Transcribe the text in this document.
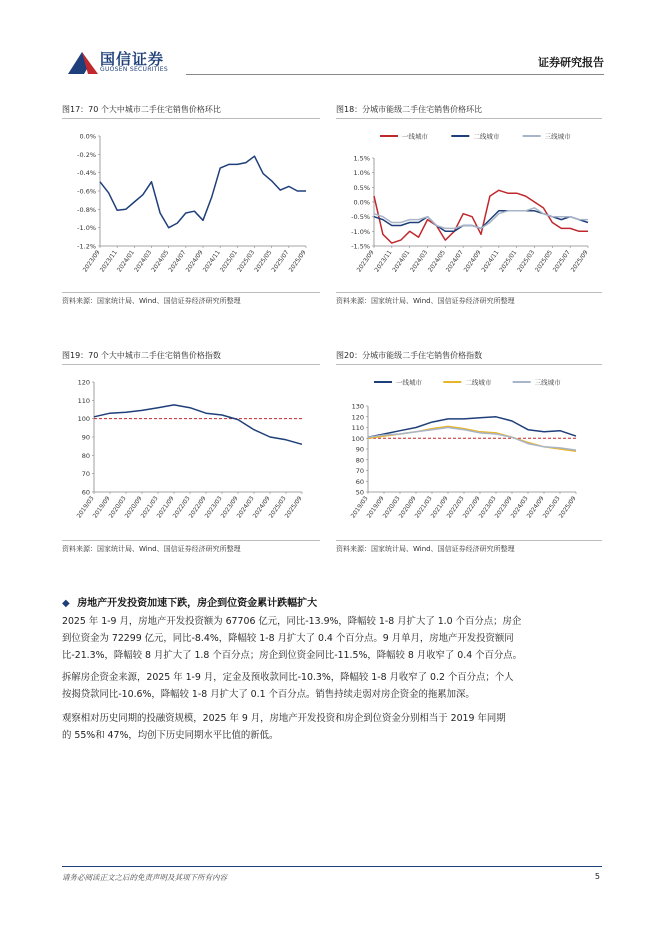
国信证券
GUOSEN SECURITIES
证券研究报告
图17：70 个大中城市二手住宅销售价格环比
0.0%
-0.2%
-0.4%
-0.6%
-0.8%
-1.0%
-1.2%
2023/09
2023/11
2024/01
2024/03
2024/05
2024/07
2024/09
2024/11
2025/01
2025/03
2025/05
2025/07
2025/09
资料来源：国家统计局、Wind、国信证券经济研究所整理
图18：分城市能级二手住宅销售价格环比
1.5%
1.0%
0.5%
0.0%
-0.5%
-1.0%
-1.5%
2023/09
2023/11
2024/01
2024/03
2024/05
2024/07
2024/09
2024/11
2025/01
2025/03
2025/05
2025/07
2025/09
一线城市	二线城市	三线城市
资料来源：国家统计局、Wind、国信证券经济研究所整理
图19：70 个大中城市二手住宅销售价格指数
120
110
100
90
80
70
60
2019/03
2019/09
2020/03
2020/09
2021/03
2021/09
2022/03
2022/09
2023/03
2023/09
2024/03
2024/09
2025/03
2025/09
资料来源：国家统计局、Wind、国信证券经济研究所整理
图20：分城市能级二手住宅销售价格指数
130
120
110
100
90
80
70
60
50
2019/03
2019/09
2020/03
2020/09
2021/03
2021/09
2022/03
2022/09
2023/03
2023/09
2024/03
2024/09
2025/03
2025/09
一线城市	二线城市	三线城市
资料来源：国家统计局、Wind、国信证券经济研究所整理
◆ 房地产开发投资加速下跌，房企到位资金累计跌幅扩大
2025 年 1-9 月，房地产开发投资额为 67706 亿元，同比-13.9%，降幅较 1-8 月扩大了 1.0 个百分点；房企
到位资金为 72299 亿元，同比-8.4%，降幅较 1-8 月扩大了 0.4 个百分点。9 月单月，房地产开发投资额同
比-21.3%，降幅较 8 月扩大了 1.8 个百分点；房企到位资金同比-11.5%，降幅较 8 月收窄了 0.4 个百分点。
拆解房企资金来源，2025 年 1-9 月，定金及预收款同比-10.3%，降幅较 1-8 月收窄了 0.2 个百分点；个人
按揭贷款同比-10.6%，降幅较 1-8 月扩大了 0.1 个百分点。销售持续走弱对房企资金的拖累加深。
观察相对历史同期的投融资规模，2025 年 9 月，房地产开发投资和房企到位资金分别相当于 2019 年同期
的 55%和 47%，均创下历史同期水平比值的新低。
请务必阅读正文之后的免责声明及其项下所有内容	5
